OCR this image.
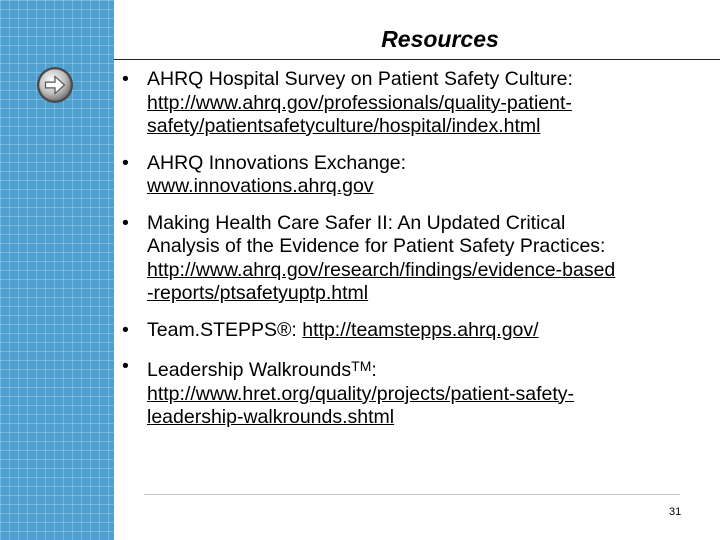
Resources
• AHRQ Hospital Survey on Patient Safety Culture:
http://www.ahrq.gov/professionals/quality-patient-
safety/patientsafetyculture/hospital/index.html
• AHRQ Innovations Exchange:
www.innovations.ahrq.gov
• Making Health Care Safer II: An Updated Critical
Analysis of the Evidence for Patient Safety Practices:
http://www.ahrq.gov/research/findings/evidence-based
-reports/ptsafetyuptp.html
• Team.STEPPS®: http://teamstepps.ahrq.gov/
• Leadership Walkrounds™:
http://www.hret.org/quality/projects/patient-safety-
leadership-walkrounds.shtml
31
